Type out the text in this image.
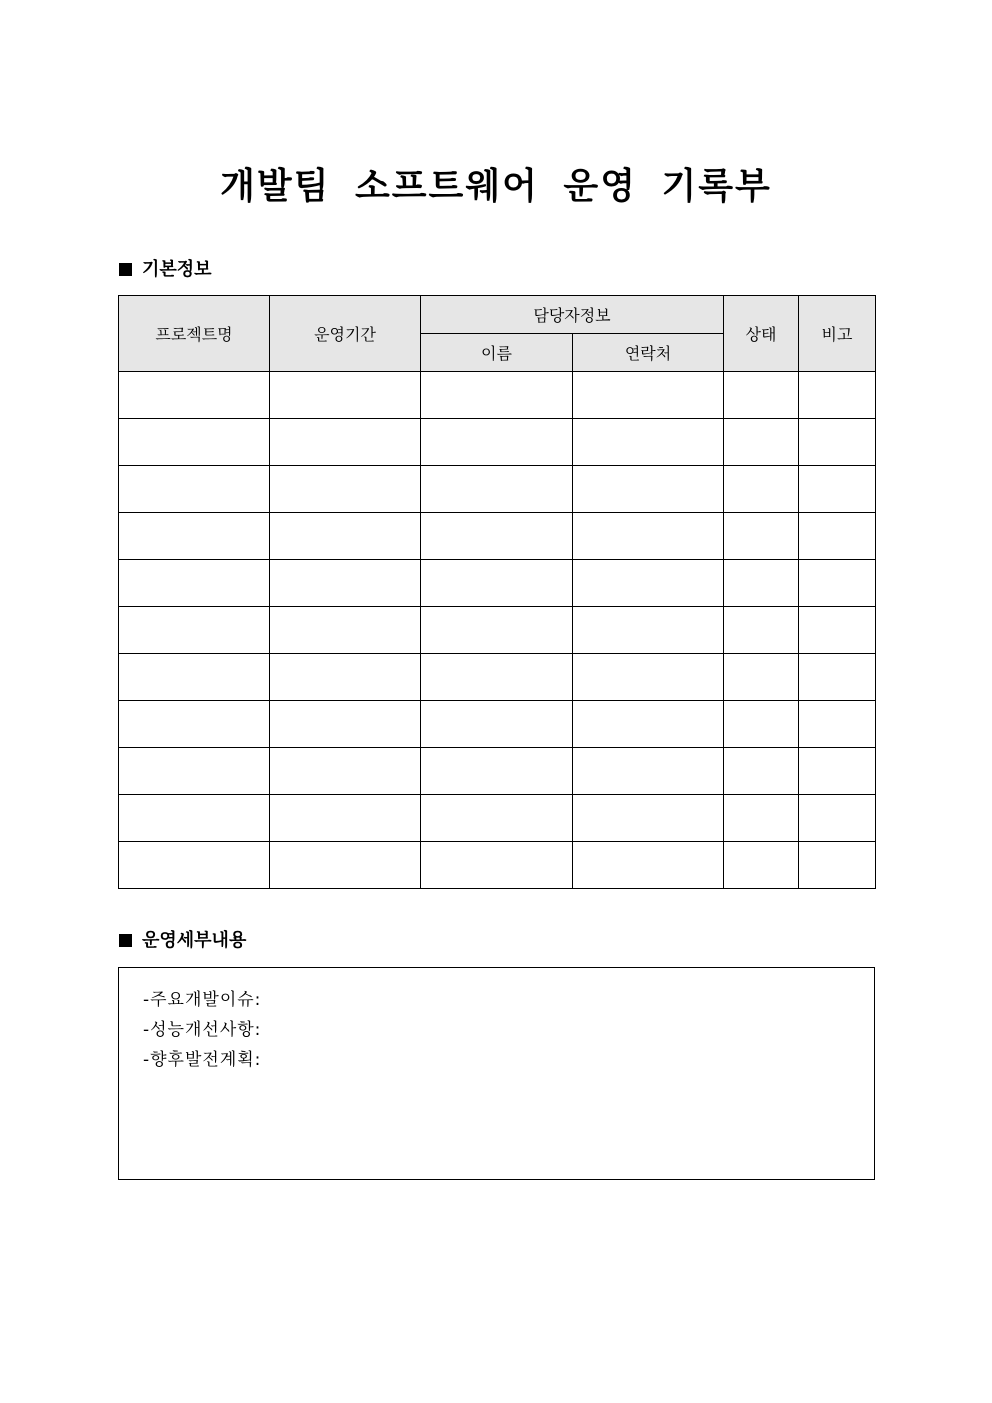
개발팀 소프트웨어 운영 기록부
기본정보
프로젝트명	운영기간	담당자정보		상태	비고
		이름	연락처		

운영세부내용
-주요개발이슈:
-성능개선사항:
-향후발전계획:
